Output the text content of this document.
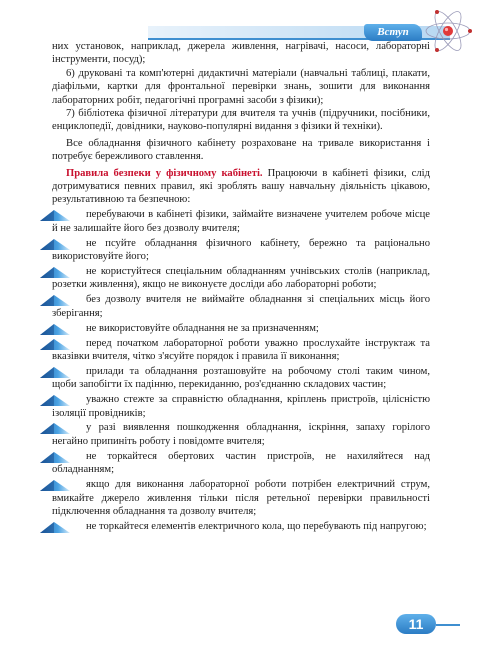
Вступ

них установок, наприклад, джерела живлення, нагрівачі, насоси, лабораторні інструменти, посуд);

6) друковані та комп'ютерні дидактичні матеріали (навчальні таблиці, плакати, діафільми, картки для фронтальної перевірки знань, зошити для виконання лабораторних робіт, педагогічні програмні засоби з фізики);

7) бібліотека фізичної літератури для вчителя та учнів (підручники, посібники, енциклопедії, довідники, науково-популярні видання з фізики й техніки).

Все обладнання фізичного кабінету розраховане на тривале використання і потребує бережливого ставлення.

Правила безпеки у фізичному кабінеті. Працюючи в кабінеті фізики, слід дотримуватися певних правил, які зроблять вашу навчальну діяльність цікавою, результативною та безпечною:

перебуваючи в кабінеті фізики, займайте визначене учителем робоче місце й не залишайте його без дозволу вчителя;
не псуйте обладнання фізичного кабінету, бережно та раціонально використовуйте його;
не користуйтеся спеціальним обладнанням учнівських столів (наприклад, розетки живлення), якщо не виконуєте досліди або лабораторні роботи;
без дозволу вчителя не виймайте обладнання зі спеціальних місць його зберігання;
не використовуйте обладнання не за призначенням;
перед початком лабораторної роботи уважно прослухайте інструктаж та вказівки вчителя, чітко з'ясуйте порядок і правила її виконання;
прилади та обладнання розташовуйте на робочому столі таким чином, щоби запобігти їх падінню, перекиданню, роз'єднанню складових частин;
уважно стежте за справністю обладнання, кріплень пристроїв, цілісністю ізоляції провідників;
у разі виявлення пошкодження обладнання, іскріння, запаху горілого негайно припиніть роботу і повідомте вчителя;
не торкайтеся обертових частин пристроїв, не нахиляйтеся над обладнанням;
якщо для виконання лабораторної роботи потрібен електричний струм, вмикайте джерело живлення тільки після ретельної перевірки правильності підключення обладнання та дозволу вчителя;
не торкайтеся елементів електричного кола, що перебувають під напругою;
11
